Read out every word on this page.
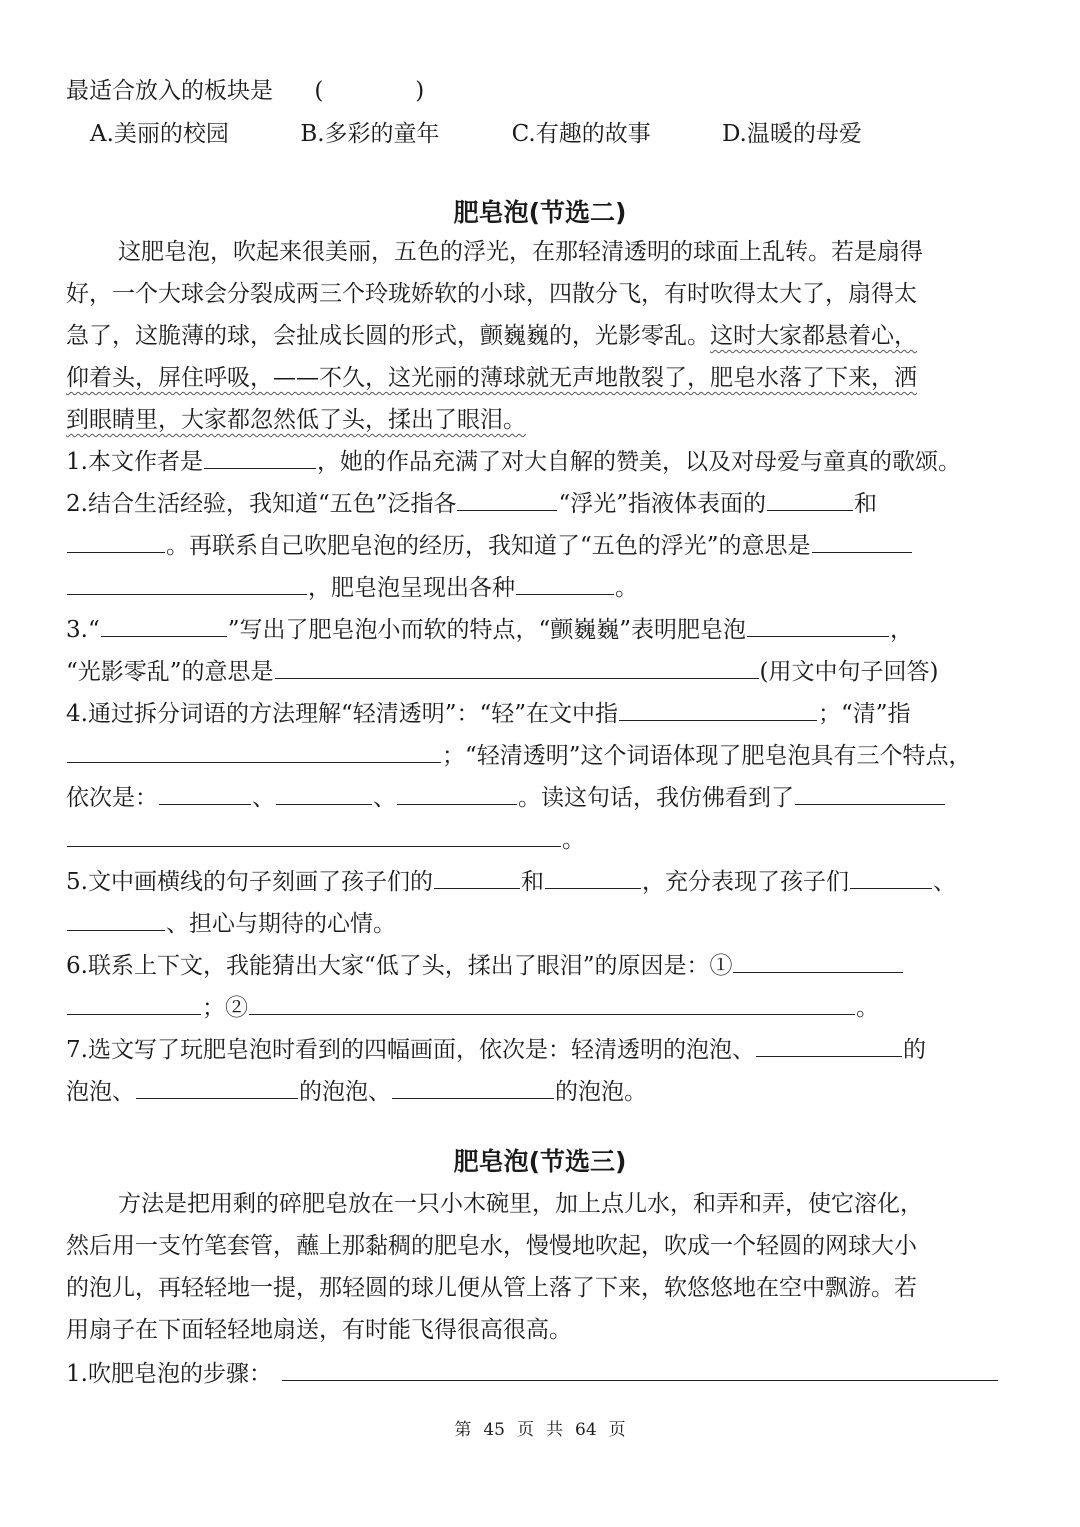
最适合放入的板块是 (　　　　)
A.美丽的校园	B.多彩的童年	C.有趣的故事	D.温暖的母爱
肥皂泡(节选二)
这肥皂泡，吹起来很美丽，五色的浮光，在那轻清透明的球面上乱转。若是扇得
好，一个大球会分裂成两三个玲珑娇软的小球，四散分飞，有时吹得太大了，扇得太
急了，这脆薄的球，会扯成长圆的形式，颤巍巍的，光影零乱。这时大家都悬着心，
仰着头，屏住呼吸，——不久，这光丽的薄球就无声地散裂了，肥皂水落了下来，洒
到眼睛里，大家都忽然低了头，揉出了眼泪。
1.本文作者是	，她的作品充满了对大自解的赞美，以及对母爱与童真的歌颂。
2.结合生活经验，我知道“五色”泛指各	“浮光”指液体表面的	和
。再联系自己吹肥皂泡的经历，我知道了“五色的浮光”的意思是
，肥皂泡呈现出各种	。
3.“	”写出了肥皂泡小而软的特点，“颤巍巍”表明肥皂泡	，
“光影零乱”的意思是	(用文中句子回答)
4.通过拆分词语的方法理解“轻清透明”：“轻”在文中指	；“清”指
；“轻清透明”这个词语体现了肥皂泡具有三个特点，
依次是：	、	、	。读这句话，我仿佛看到了
。
5.文中画横线的句子刻画了孩子们的	和	，充分表现了孩子们	、
、担心与期待的心情。
6.联系上下文，我能猜出大家“低了头，揉出了眼泪”的原因是：①
；②	。
7.选文写了玩肥皂泡时看到的四幅画面，依次是：轻清透明的泡泡、	的
泡泡、	的泡泡、	的泡泡。
肥皂泡(节选三)
方法是把用剩的碎肥皂放在一只小木碗里，加上点儿水，和弄和弄，使它溶化，
然后用一支竹笔套管，蘸上那黏稠的肥皂水，慢慢地吹起，吹成一个轻圆的网球大小
的泡儿，再轻轻地一提，那轻圆的球儿便从管上落了下来，软悠悠地在空中飘游。若
用扇子在下面轻轻地扇送，有时能飞得很高很高。
1.吹肥皂泡的步骤：
第 45 页 共 64 页
